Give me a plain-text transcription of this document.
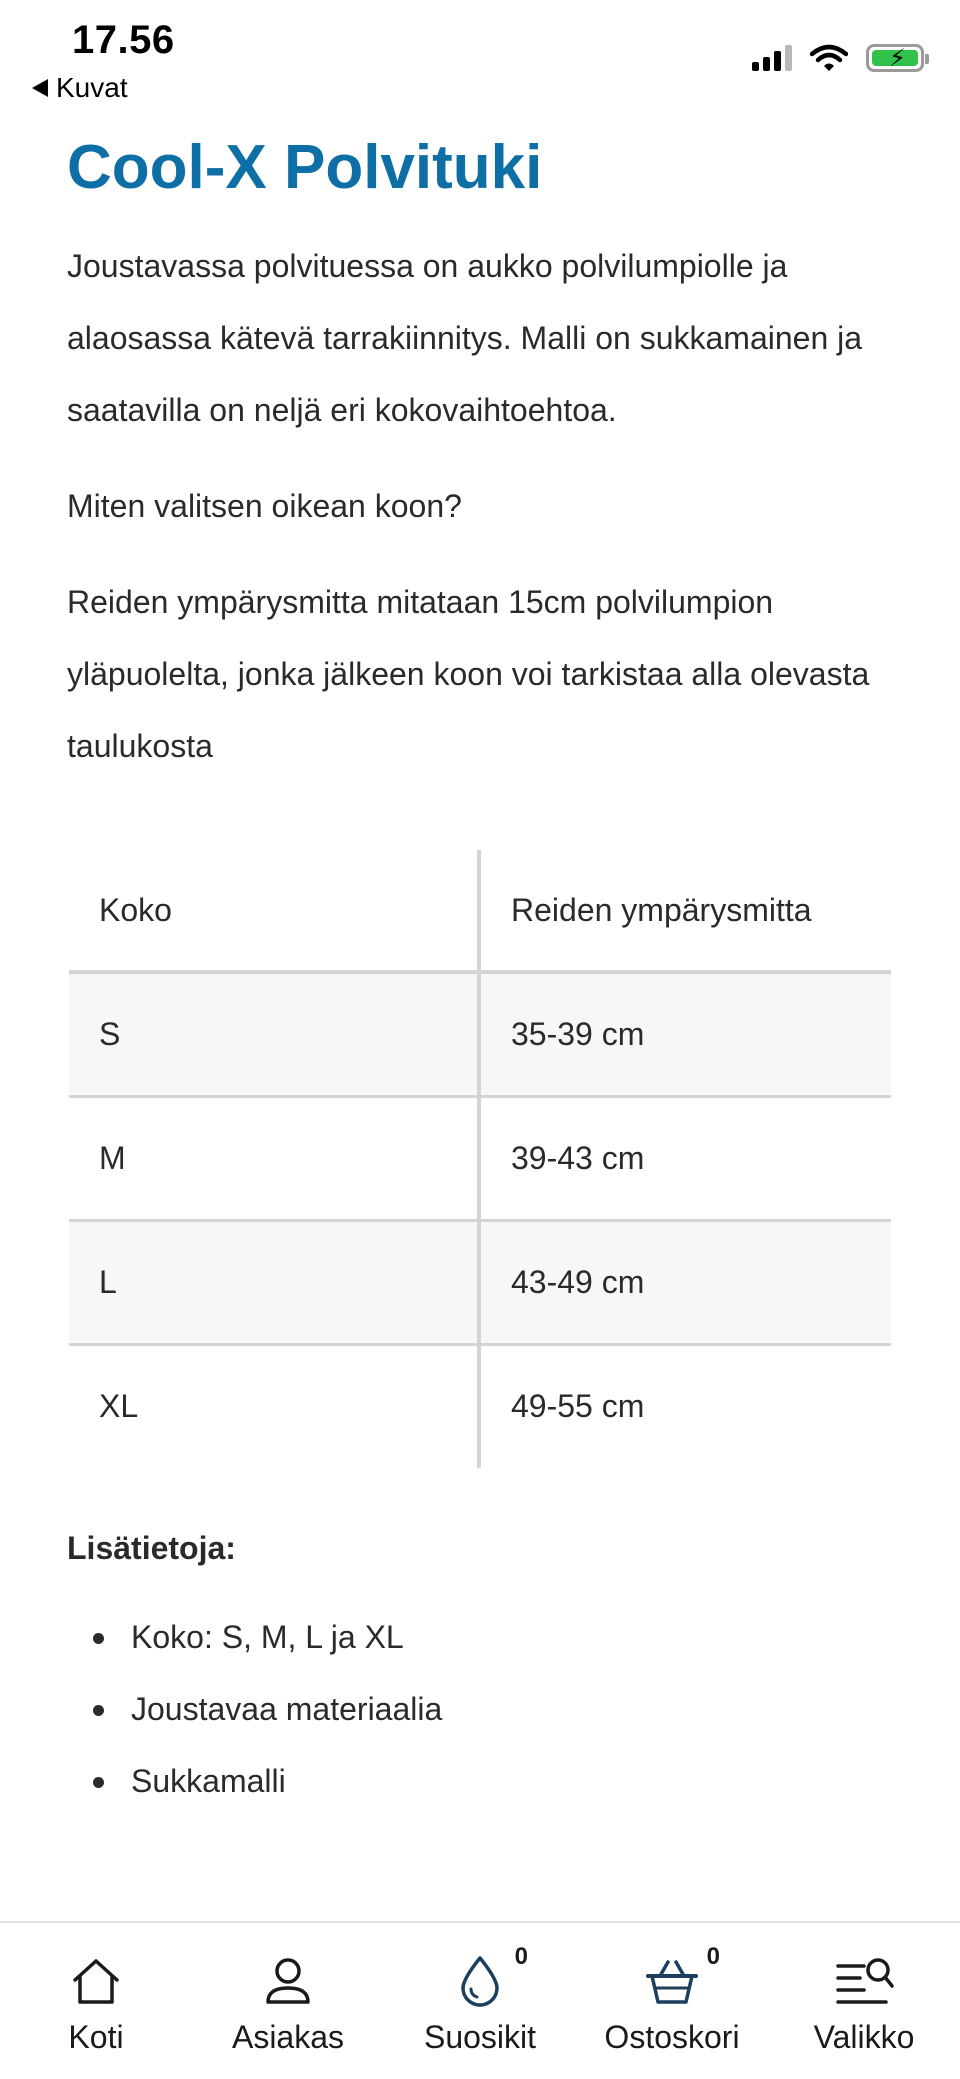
17.56
Kuvat
⚡
Cool-X Polvituki

Joustavassa polvituessa on aukko polvilumpiolle ja alaosassa kätevä tarrakiinnitys. Malli on sukkamainen ja saatavilla on neljä eri kokovaihtoehtoa.

Miten valitsen oikean koon?

Reiden ympärysmitta mitataan 15cm polvilumpion yläpuolelta, jonka jälkeen koon voi tarkistaa alla olevasta taulukosta

Koko	Reiden ympärysmitta
S	35-39 cm
M	39-43 cm
L	43-49 cm
XL	49-55 cm
Lisätietoja:
Koko: S, M, L ja XL
Joustavaa materiaalia
Sukkamalli
Koti	Asiakas
0
Suosikit
0
Ostoskori Valikko
